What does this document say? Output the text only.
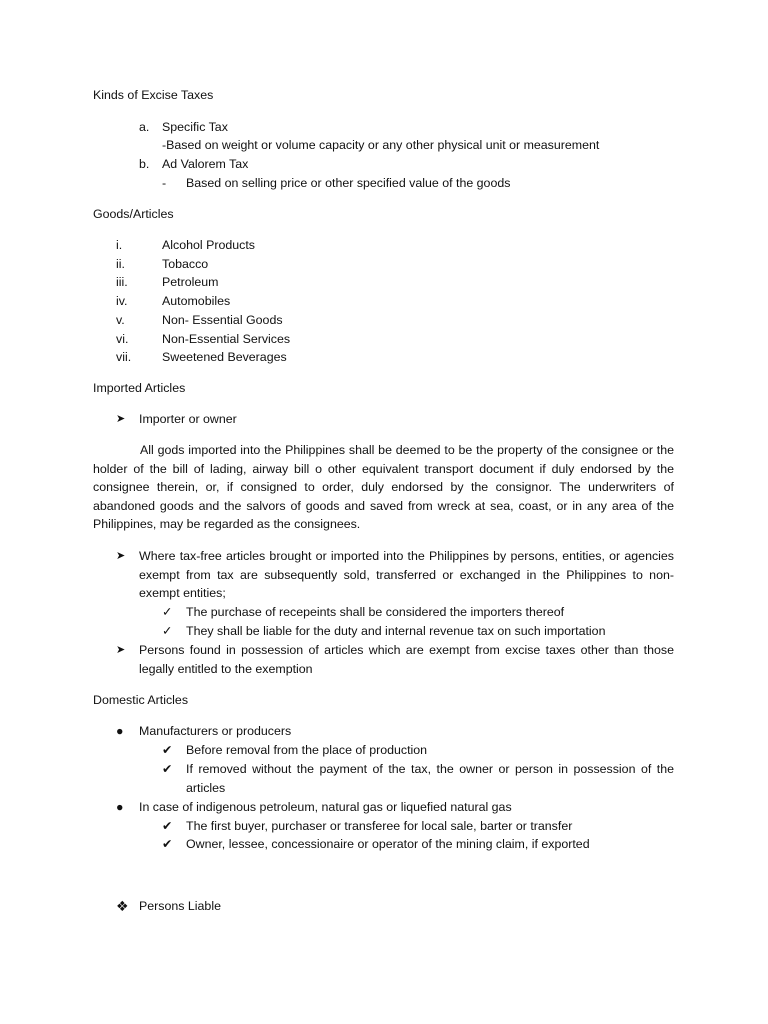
Kinds of Excise Taxes
a. Specific Tax
-Based on weight or volume capacity or any other physical unit or measurement
b. Ad Valorem Tax
- Based on selling price or other specified value of the goods
Goods/Articles
i.	Alcohol Products
ii.	Tobacco
iii.	Petroleum
iv.	Automobiles
v.	Non- Essential Goods
vi.	Non-Essential Services
vii. Sweetened Beverages
Imported Articles
➤ Importer or owner

All gods imported into the Philippines shall be deemed to be the property of the consignee or the holder of the bill of lading, airway bill o other equivalent transport document if duly endorsed by the consignee therein, or, if consigned to order, duly endorsed by the consignor. The underwriters of abandoned goods and the salvors of goods and saved from wreck at sea, coast, or in any area of the Philippines, may be regarded as the consignees.

➤ Where tax-free articles brought or imported into the Philippines by persons, entities, or agencies exempt from tax are subsequently sold, transferred or exchanged in the Philippines to non-exempt entities;
✓ The purchase of recepeints shall be considered the importers thereof
✓ They shall be liable for the duty and internal revenue tax on such importation
➤ Persons found in possession of articles which are exempt from excise taxes other than those legally entitled to the exemption
Domestic Articles
● Manufacturers or producers
✔ Before removal from the place of production
✔ If removed without the payment of the tax, the owner or person in possession of the articles
● In case of indigenous petroleum, natural gas or liquefied natural gas
✔ The first buyer, purchaser or transferee for local sale, barter or transfer
✔ Owner, lessee, concessionaire or operator of the mining claim, if exported
❖ Persons Liable
